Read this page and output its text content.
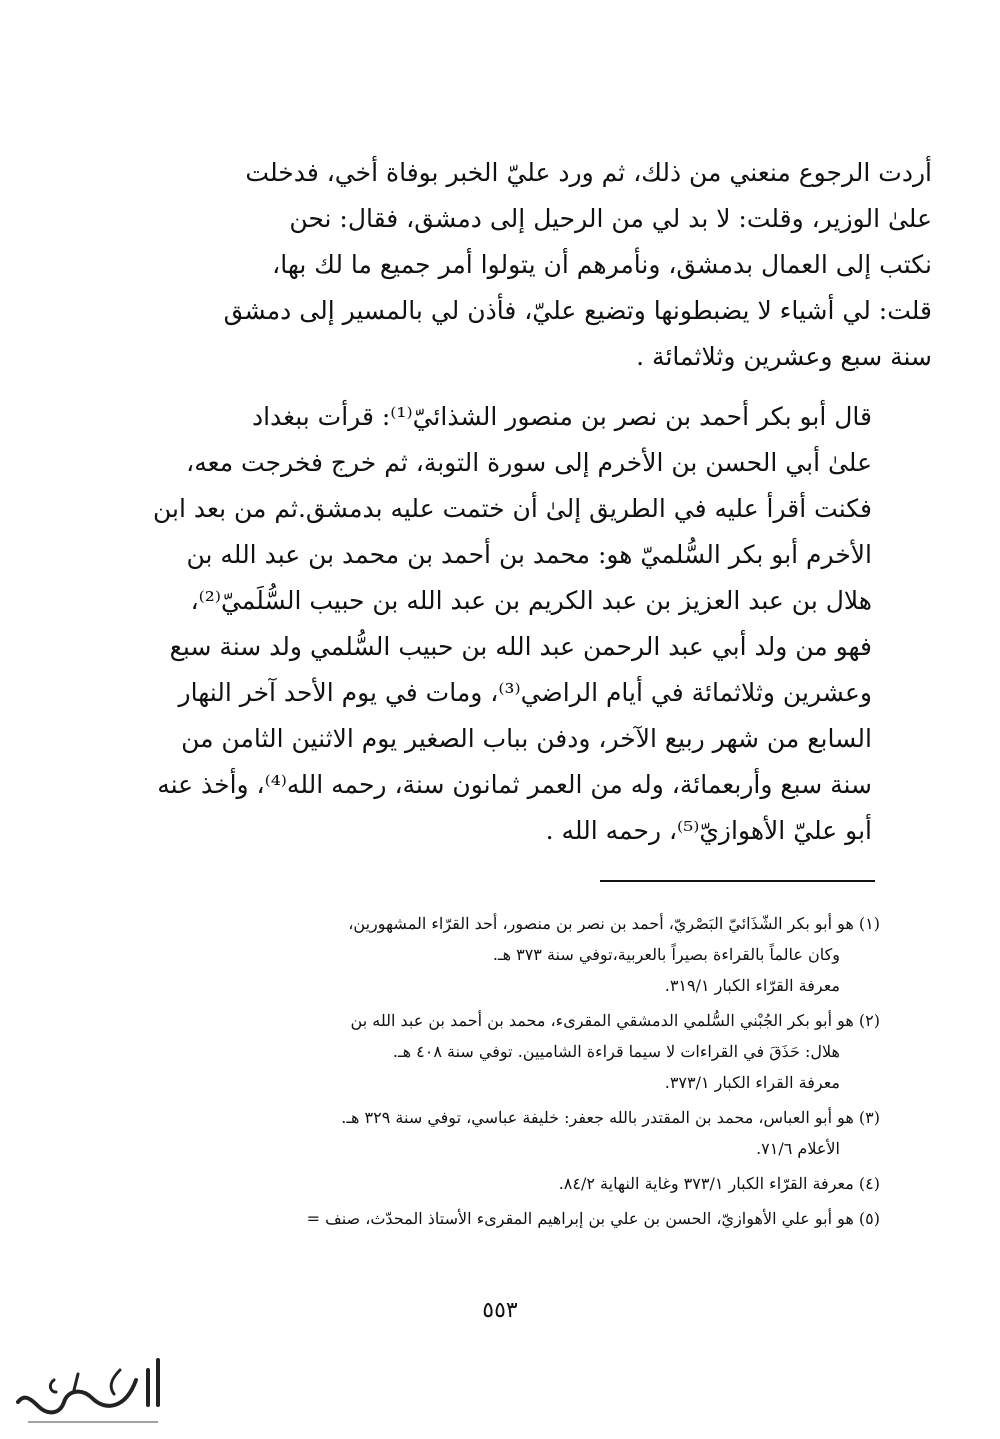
أردت الرجوع منعني من ذلك، ثم ورد عليّ الخبر بوفاة أخي، فدخلت
علىٰ الوزير، وقلت: لا بد لي من الرحيل إلى دمشق، فقال: نحن
نكتب إلى العمال بدمشق، ونأمرهم أن يتولوا أمر جميع ما لك بها،
قلت: لي أشياء لا يضبطونها وتضيع عليّ، فأذن لي بالمسير إلى دمشق
سنة سبع وعشرين وثلاثمائة .
قال أبو بكر أحمد بن نصر بن منصور الشذائيّ⁽¹⁾: قرأت ببغداد
علىٰ أبي الحسن بن الأخرم إلى سورة التوبة، ثم خرج فخرجت معه،
فكنت أقرأ عليه في الطريق إلىٰ أن ختمت عليه بدمشق.ثم من بعد ابن
الأخرم أبو بكر السُّلميّ هو: محمد بن أحمد بن محمد بن عبد الله بن
هلال بن عبد العزيز بن عبد الكريم بن عبد الله بن حبيب السُّلَميّ⁽²⁾،
فهو من ولد أبي عبد الرحمن عبد الله بن حبيب السُّلمي ولد سنة سبع
وعشرين وثلاثمائة في أيام الراضي⁽³⁾، ومات في يوم الأحد آخر النهار
السابع من شهر ربيع الآخر، ودفن بباب الصغير يوم الاثنين الثامن من
سنة سبع وأربعمائة، وله من العمر ثمانون سنة، رحمه الله⁽⁴⁾، وأخذ عنه
أبو عليّ الأهوازيّ⁽⁵⁾، رحمه الله .
(١) هو أبو بكر الشّذَائيّ البَصْريّ، أحمد بن نصر بن منصور، أحد القرّاء المشهورين،
وكان عالماً بالقراءة بصيراً بالعربية،توفي سنة ٣٧٣ هـ.
معرفة القرّاء الكبار ٣١٩/١.
(٢) هو أبو بكر الجُبْني السُّلمي الدمشقي المقرىء، محمد بن أحمد بن عبد الله بن
هلال: حَذَقَ في القراءات لا سيما قراءة الشاميين. توفي سنة ٤٠٨ هـ.
معرفة القراء الكبار ٣٧٣/١.
(٣) هو أبو العباس، محمد بن المقتدر بالله جعفر: خليفة عباسي، توفي سنة ٣٢٩ هـ.
الأعلام ٧١/٦.
(٤) معرفة القرّاء الكبار ٣٧٣/١ وغاية النهاية ٨٤/٢.
(٥) هو أبو علي الأهوازيّ، الحسن بن علي بن إبراهيم المقرىء الأستاذ المحدّث، صنف =
٥٥٣
